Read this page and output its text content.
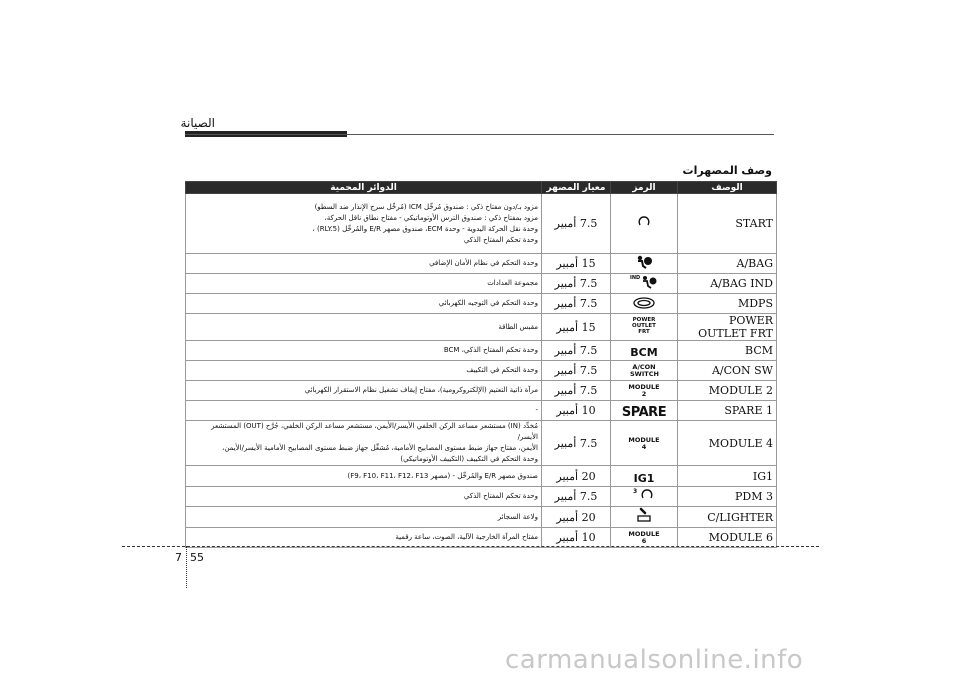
الصيانة
وصف المصهرات
الدوائر المحمية	معيار المصهر	الرمز	الوصف

مزود بـ/دون مفتاح ذكي : صندوق مُرحِّل ICM (مُرحِّل سرج الإنذار ضد السطو)
مزود بمفتاح ذكي : صندوق الترس الأوتوماتيكي - مفتاح نطاق ناقل الحركة،
وحدة نقل الحركة اليدوية - وحدة ECM، صندوق مصهر E/R والمُرحِّل (RLY.5) ،
وحدة تحكم المفتاح الذكي	7.5 أمبير		START
وحدة التحكم في نظام الأمان الإضافي	15 أمبير		A/BAG
مجموعة العدادات	7.5 أمبير	IND	A/BAG IND
وحدة التحكم في التوجيه الكهربائي	7.5 أمبير		MDPS
مقبس الطاقة	15 أمبير	POWER OUTLET FRT	POWER OUTLET FRT
وحدة تحكم المفتاح الذكي، BCM	7.5 أمبير	BCM	BCM
وحدة التحكم في التكييف	7.5 أمبير	A/CON SWITCH	A/CON SW
مرآة ذاتية التعتيم (الإلكتروكرومية)، مفتاح إيقاف تشغيل نظام الاستقرار الكهربائي	7.5 أمبير	MODULE 2	MODULE 2
-	10 أمبير	SPARE	SPARE 1

مُخدِّد (IN) مستشعر مساعد الركن الخلفي الأيسر/الأيمن، مستشعر مساعد الركن الخلفي، جُرَّح (OUT) المستشعر الأيسر/
الأيمن، مفتاح جهاز ضبط مستوى المصابيح الأمامية، مُشغِّل جهاز ضبط مستوى المصابيح الأمامية الأيسر/الأيمن،
وحدة التحكم في التكييف (التكييف الأوتوماتيكي)	7.5 أمبير	MODULE 4	MODULE 4
صندوق مصهر E/R والمُرحِّل - (مصهر F9، F10، F11، F12، F13)	20 أمبير	IG1	IG1
وحدة تحكم المفتاح الذكي	7.5 أمبير	3	PDM 3
ولاعة السجائر	20 أمبير		C/LIGHTER
مفتاح المرآة الخارجية الآلية، الصوت، ساعة رقمية	10 أمبير	MODULE 6	MODULE 6
7 55
carmanualsonline.info
